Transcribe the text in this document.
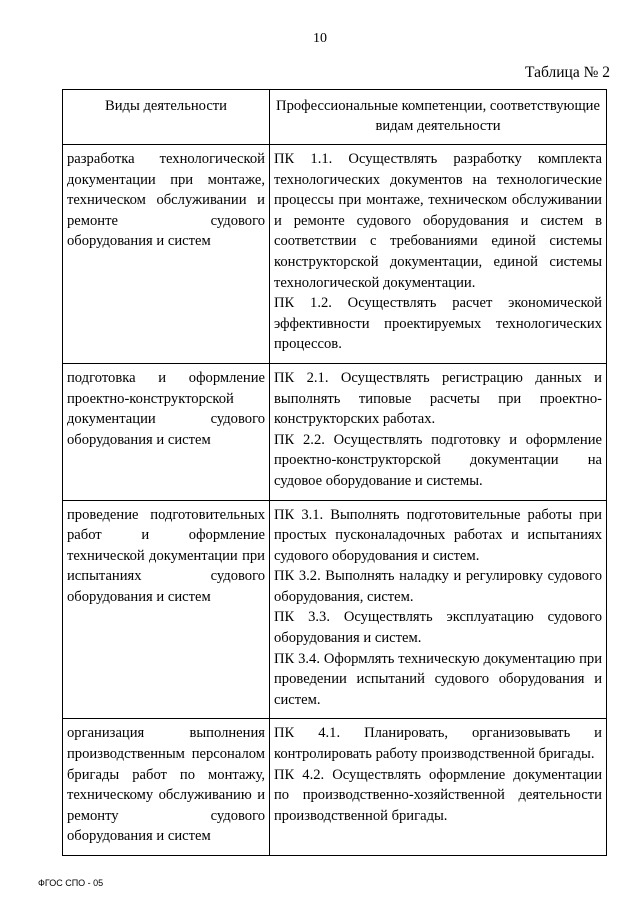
10
Таблица № 2
Виды деятельности	Профессиональные компетенции, соответствующие видам деятельности
разработка технологической документации при монтаже, техническом обслуживании и ремонте судового оборудования и систем	ПК 1.1. Осуществлять разработку комплекта технологических документов на технологические процессы при монтаже, техническом обслуживании и ремонте судового оборудования и систем в соответствии с требованиями единой системы конструкторской документации, единой системы технологической документации.
ПК 1.2. Осуществлять расчет экономической эффективности проектируемых технологических процессов.

подготовка и оформление проектно-конструкторской документации судового оборудования и систем	ПК 2.1. Осуществлять регистрацию данных и выполнять типовые расчеты при проектно-конструкторских работах.
ПК 2.2. Осуществлять подготовку и оформление проектно-конструкторской документации на судовое оборудование и системы.

проведение подготовительных работ и оформление технической документации при испытаниях судового оборудования и систем	ПК 3.1. Выполнять подготовительные работы при простых пусконаладочных работах и испытаниях судового оборудования и систем.
ПК 3.2. Выполнять наладку и регулировку судового оборудования, систем.
ПК 3.3. Осуществлять эксплуатацию судового оборудования и систем.
ПК 3.4. Оформлять техническую документацию при проведении испытаний судового оборудования и систем.

организация выполнения производственным персоналом бригады работ по монтажу, техническому обслуживанию и ремонту судового оборудования и систем	ПК 4.1. Планировать, организовывать и контролировать работу производственной бригады.
ПК 4.2. Осуществлять оформление документации по производственно-хозяйственной деятельности производственной бригады.
ФГОС СПО - 05
